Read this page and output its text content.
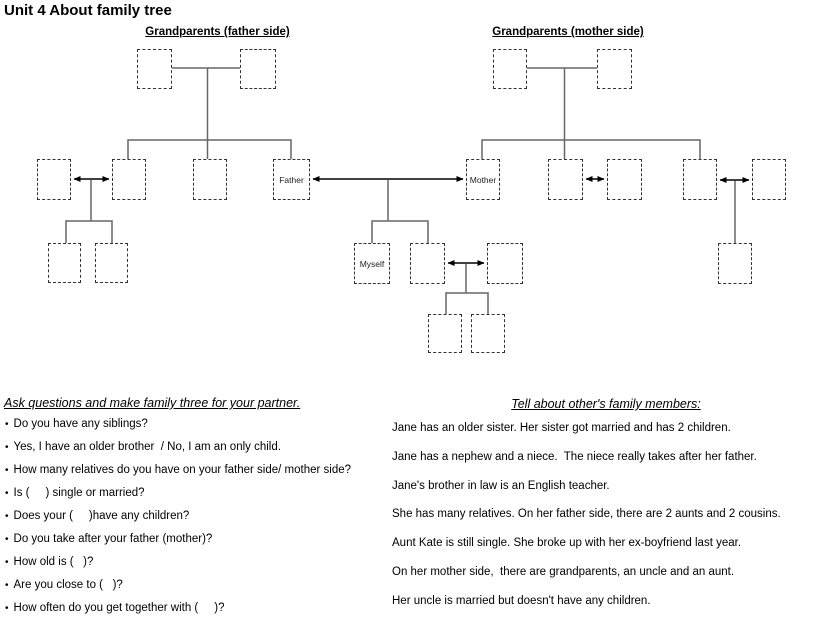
Unit 4 About family tree
Grandparents (father side)	Grandparents (mother side)
Father	Mother
Myself
Ask questions and make family three for your partner.
• Do you have any siblings?
• Yes, I have an older brother  / No, I am an only child.
• How many relatives do you have on your father side/ mother side?
• Is (     ) single or married?
• Does your (     )have any children?
• Do you take after your father (mother)?
• How old is (   )?
• Are you close to (   )?
• How often do you get together with (     )?
Tell about other's family members:
Jane has an older sister. Her sister got married and has 2 children.
Jane has a nephew and a niece.  The niece really takes after her father.
Jane's brother in law is an English teacher.
She has many relatives. On her father side, there are 2 aunts and 2 cousins.
Aunt Kate is still single. She broke up with her ex-boyfriend last year.
On her mother side,  there are grandparents, an uncle and an aunt.
Her uncle is married but doesn't have any children.
